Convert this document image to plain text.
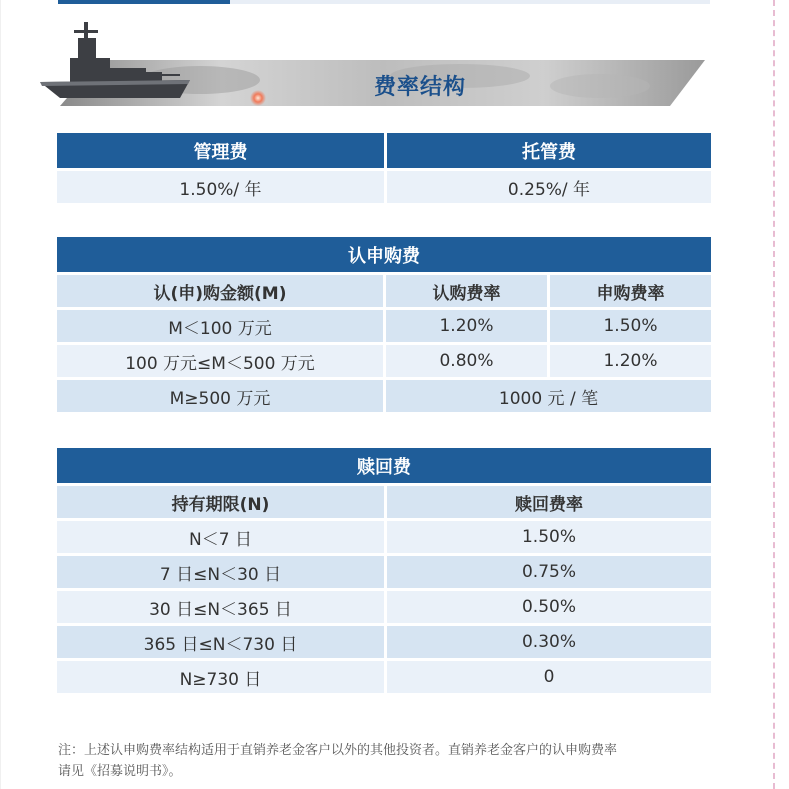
费率结构
管理费	托管费
1.50%/ 年	0.25%/ 年
认申购费		
认(申)购金额(M)	认购费率	申购费率
M＜100 万元	1.20%	1.50%
100 万元≤M＜500 万元	0.80%	1.20%
M≥500 万元	1000 元 / 笔	
赎回费	
持有期限(N)	赎回费率
N＜7 日	1.50%
7 日≤N＜30 日	0.75%
30 日≤N＜365 日	0.50%
365 日≤N＜730 日	0.30%
N≥730 日	0
注：上述认申购费率结构适用于直销养老金客户以外的其他投资者。直销养老金客户的认申购费率
请见《招募说明书》。
